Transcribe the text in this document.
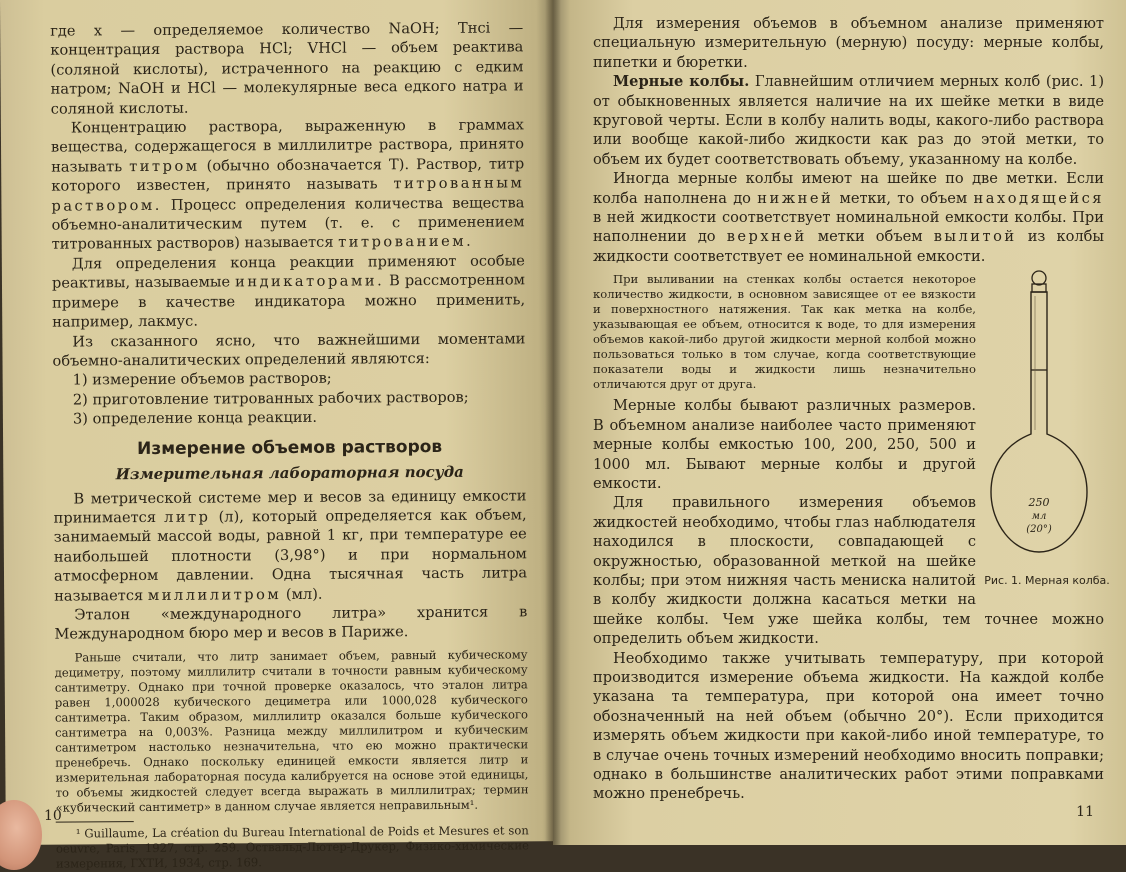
где x — определяемое количество NaOH; Tнсi — концентрация раствора HCl; VHCl — объем реактива (соляной кислоты), истраченного на реакцию с едким натром; NaOH и HCl — молекулярные веса едкого натра и соляной кислоты.

Концентрацию раствора, выраженную в граммах вещества, содержащегося в миллилитре раствора, принято называть титром (обычно обозначается T). Раствор, титр которого известен, принято называть титрованным раствором. Процесс определения количества вещества объемно-аналитическим путем (т. е. с применением титрованных растворов) называется титрованием.

Для определения конца реакции применяют особые реактивы, называемые индикаторами. В рассмотренном примере в качестве индикатора можно применить, например, лакмус.

Из сказанного ясно, что важнейшими моментами объемно-аналитических определений являются:

1) измерение объемов растворов;
2) приготовление титрованных рабочих растворов;
3) определение конца реакции.
Измерение объемов растворов
Измерительная лабораторная посуда

В метрической системе мер и весов за единицу емкости принимается литр (л), который определяется как объем, занимаемый массой воды, равной 1 кг, при температуре ее наибольшей плотности (3,98°) и при нормальном атмосферном давлении. Одна тысячная часть литра называется миллилитром (мл).

Эталон «международного литра» хранится в Международном бюро мер и весов в Париже.

Раньше считали, что литр занимает объем, равный кубическому дециметру, поэтому миллилитр считали в точности равным кубическому сантиметру. Однако при точной проверке оказалось, что эталон литра равен 1,000028 кубического дециметра или 1000,028 кубического сантиметра. Таким образом, миллилитр оказался больше кубического сантиметра на 0,003%. Разница между миллилитром и кубическим сантиметром настолько незначительна, что ею можно практически пренебречь. Однако поскольку единицей емкости является литр и измерительная лабораторная посуда калибруется на основе этой единицы, то объемы жидкостей следует всегда выражать в миллилитрах; термин «кубический сантиметр» в данном случае является неправильным¹.

¹ Guillaume, La création du Bureau International de Poids et Mesures et son oeuvre, Paris, 1927, стр. 259. Оствальд-Лютер-Друкер, Физико-химические измерения, ГХТИ, 1934, стр. 169.

Для измерения объемов в объемном анализе применяют специальную измерительную (мерную) посуду: мерные колбы, пипетки и бюретки.

Мерные колбы. Главнейшим отличием мерных колб (рис. 1) от обыкновенных является наличие на их шейке метки в виде круговой черты. Если в колбу налить воды, какого-либо раствора или вообще какой-либо жидкости как раз до этой метки, то объем их будет соответствовать объему, указанному на колбе.

Иногда мерные колбы имеют на шейке по две метки. Если колба наполнена до нижней метки, то объем находящейся в ней жидкости соответствует номинальной емкости колбы. При наполнении до верхней метки объем вылитой из колбы жидкости соответствует ее номинальной емкости.

250
мл
(20°)
Рис. 1. Мерная колба.

При выливании на стенках колбы остается некоторое количество жидкости, в основном зависящее от ее вязкости и поверхностного натяжения. Так как метка на колбе, указывающая ее объем, относится к воде, то для измерения объемов какой-либо другой жидкости мерной колбой можно пользоваться только в том случае, когда соответствующие показатели воды и жидкости лишь незначительно отличаются друг от друга.

Мерные колбы бывают различных размеров. В объемном анализе наиболее часто применяют мерные колбы емкостью 100, 200, 250, 500 и 1000 мл. Бывают мерные колбы и другой емкости.

Для правильного измерения объемов жидкостей необходимо, чтобы глаз наблюдателя находился в плоскости, совпадающей с окружностью, образованной меткой на шейке колбы; при этом нижняя часть мениска налитой в колбу жидкости должна касаться метки на шейке колбы. Чем уже шейка колбы, тем точнее можно определить объем жидкости.

Необходимо также учитывать температуру, при которой производится измерение объема жидкости. На каждой колбе указана та температура, при которой она имеет точно обозначенный на ней объем (обычно 20°). Если приходится измерять объем жидкости при какой-либо иной температуре, то в случае очень точных измерений необходимо вносить поправки; однако в большинстве аналитических работ этими поправками можно пренебречь.

10	11
